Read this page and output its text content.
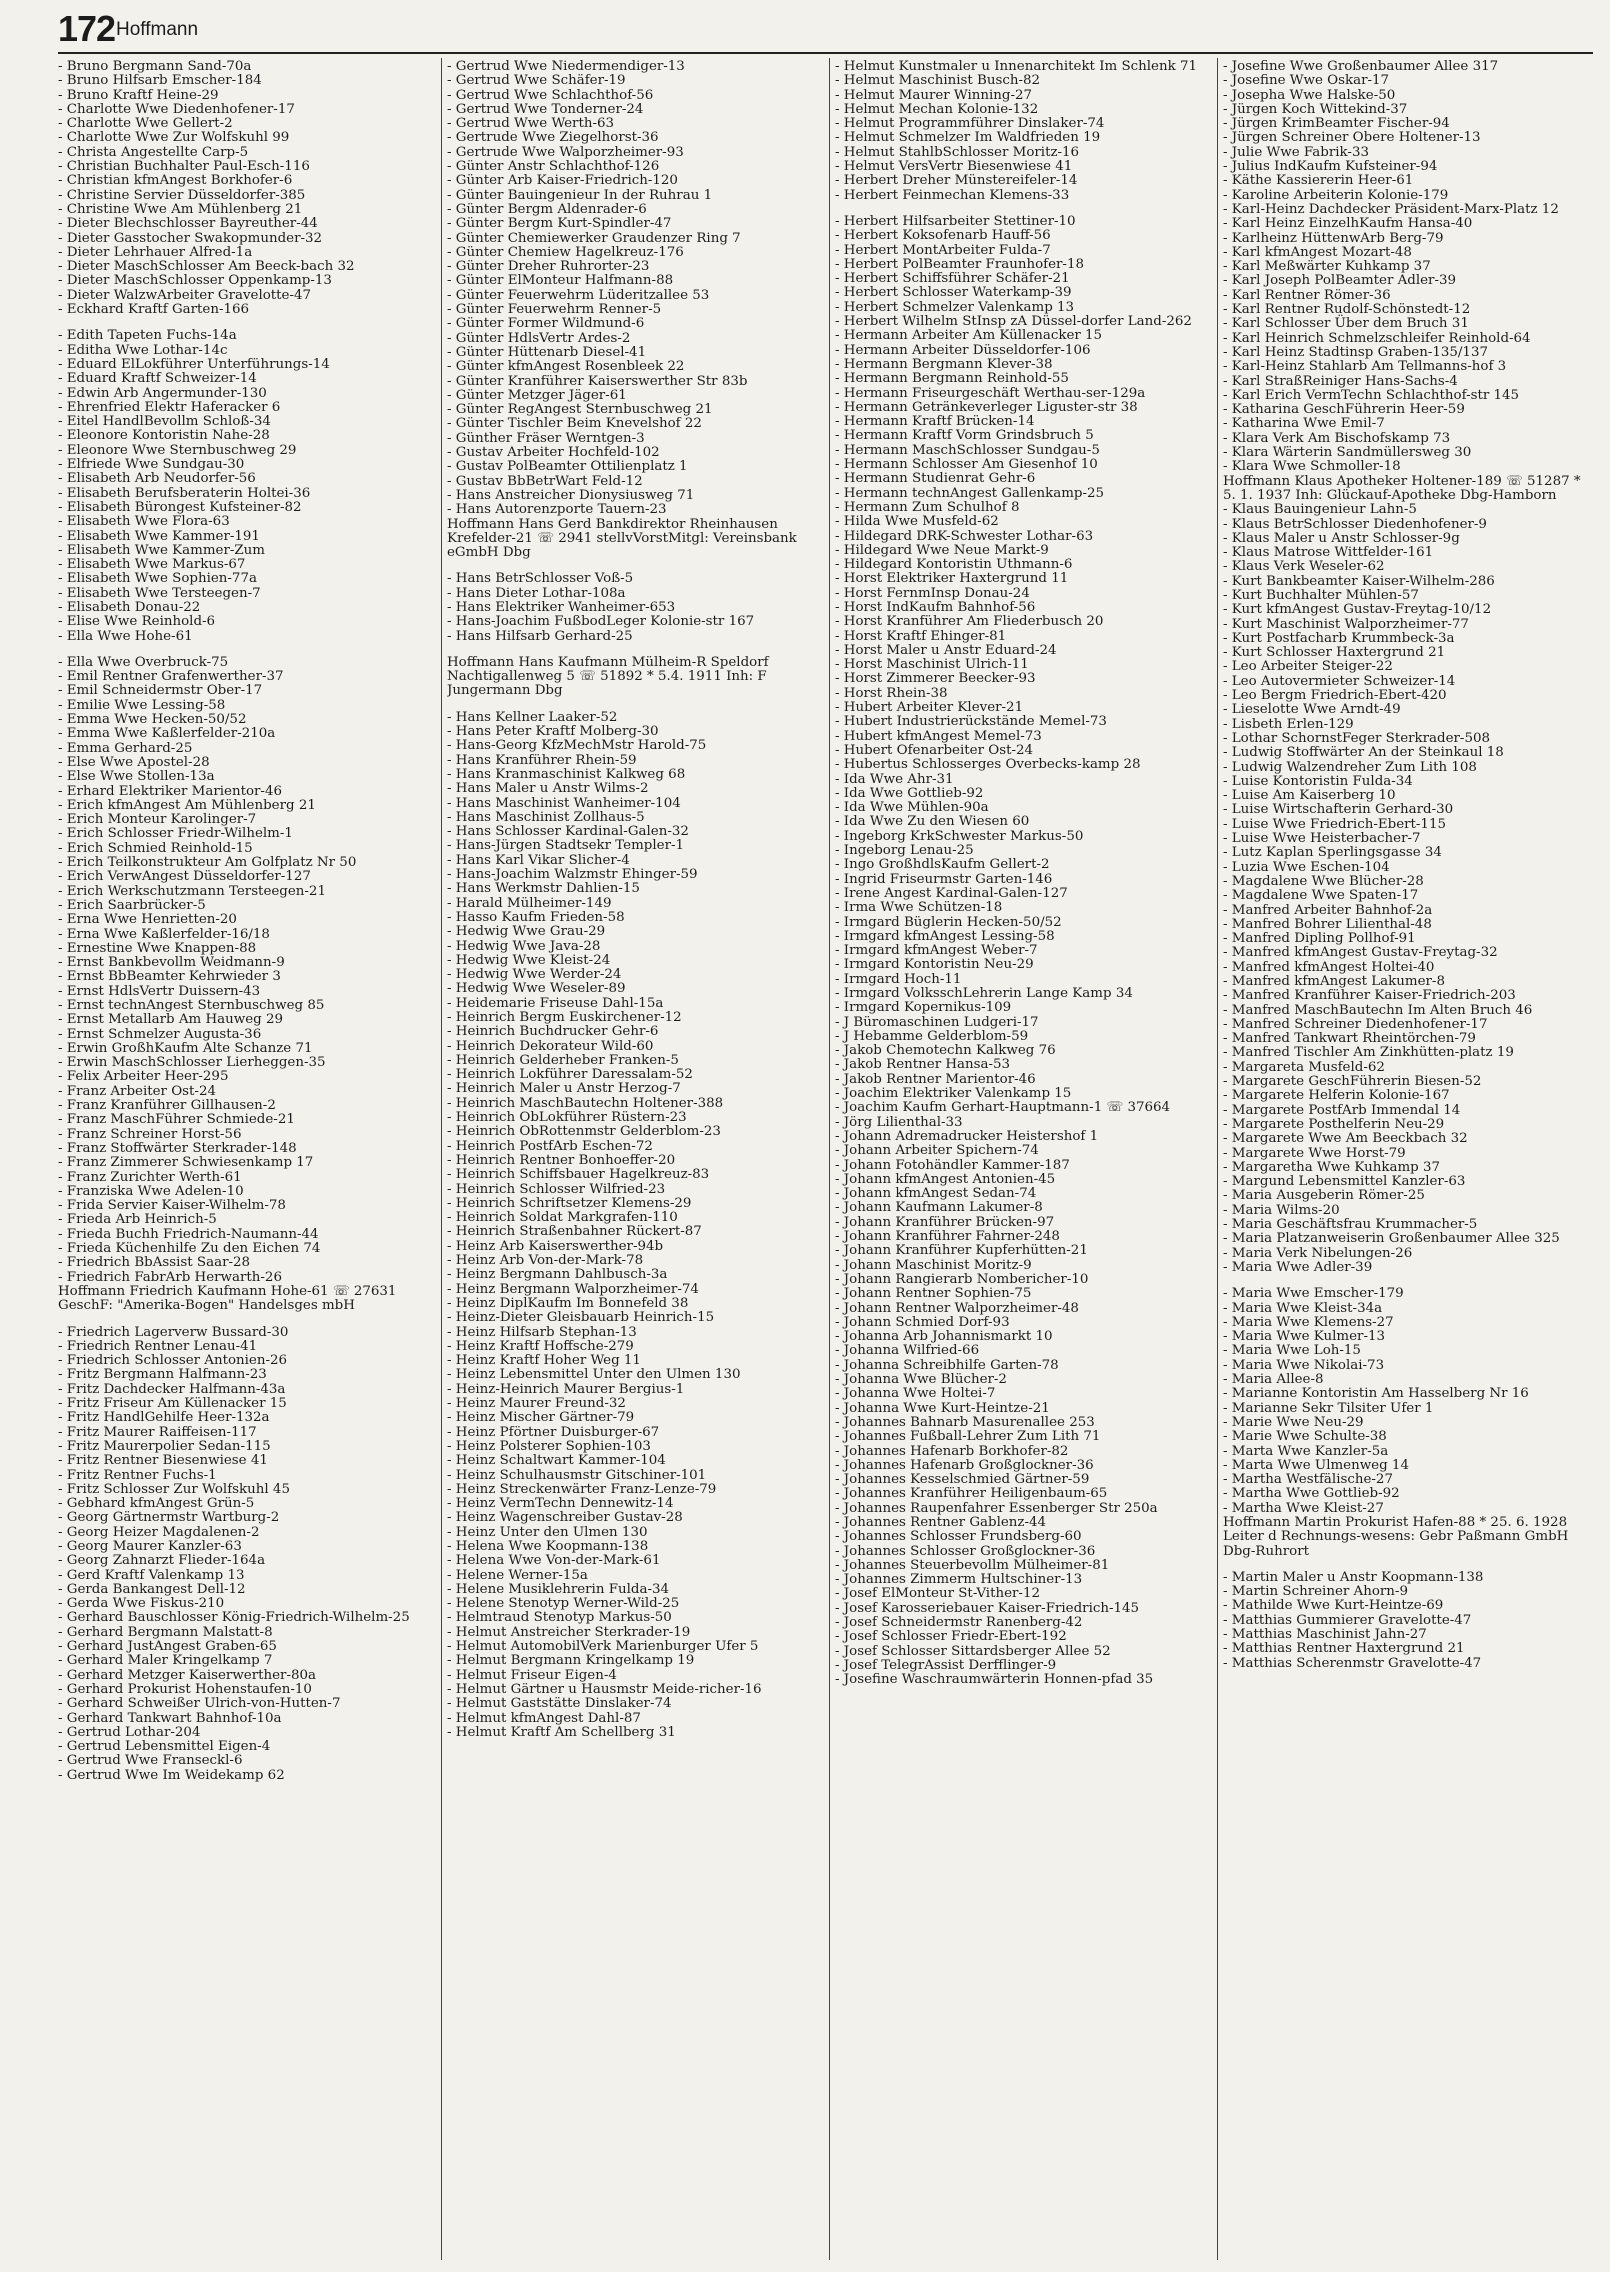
172 Hoffmann
- Bruno Bergmann Sand-70a
- Bruno Hilfsarb Emscher-184
- Bruno Kraftf Heine-29
- Charlotte Wwe Diedenhofener-17
- Charlotte Wwe Gellert-2
- Charlotte Wwe Zur Wolfskuhl 99
- Christa Angestellte Carp-5
- Christian Buchhalter Paul-Esch-116
- Christian kfmAngest Borkhofer-6
- Christine Servier Düsseldorfer-385
- Christine Wwe Am Mühlenberg 21
- Dieter Blechschlosser Bayreuther-44
- Dieter Gasstocher Swakopmunder-32
- Dieter Lehrhauer Alfred-1a
- Dieter MaschSchlosser Am Beeck-bach 32
- Dieter MaschSchlosser Oppenkamp-13
- Dieter WalzwArbeiter Gravelotte-47
- Eckhard Kraftf Garten-166
- Edith Tapeten Fuchs-14a
- Editha Wwe Lothar-14c
- Eduard ElLokführer Unterführungs-14
- Eduard Kraftf Schweizer-14
- Edwin Arb Angermunder-130
- Ehrenfried Elektr Haferacker 6
- Eitel HandlBevollm Schloß-34
- Eleonore Kontoristin Nahe-28
- Eleonore Wwe Sternbuschweg 29
- Elfriede Wwe Sundgau-30
- Elisabeth Arb Neudorfer-56
- Elisabeth Berufsberaterin Holtei-36
- Elisabeth Bürongest Kufsteiner-82
- Elisabeth Wwe Flora-63
- Elisabeth Wwe Kammer-191
- Elisabeth Wwe Kammer-Zum
- Elisabeth Wwe Markus-67
- Elisabeth Wwe Sophien-77a
- Elisabeth Wwe Tersteegen-7
- Elisabeth Donau-22
- Elise Wwe Reinhold-6
- Ella Wwe Hohe-61
- Ella Wwe Overbruck-75
- Emil Rentner Grafenwerther-37
- Emil Schneidermstr Ober-17
- Emilie Wwe Lessing-58
- Emma Wwe Hecken-50/52
- Emma Wwe Kaßlerfelder-210a
- Emma Gerhard-25
- Else Wwe Apostel-28
- Else Wwe Stollen-13a
- Erhard Elektriker Marientor-46
- Erich kfmAngest Am Mühlenberg 21
- Erich Monteur Karolinger-7
- Erich Schlosser Friedr-Wilhelm-1
- Erich Schmied Reinhold-15
- Erich Teilkonstrukteur Am Golfplatz Nr 50
- Erich VerwAngest Düsseldorfer-127
- Erich Werkschutzmann Tersteegen-21
- Erich Saarbrücker-5
- Erna Wwe Henrietten-20
- Erna Wwe Kaßlerfelder-16/18
- Ernestine Wwe Knappen-88
- Ernst Bankbevollm Weidmann-9
- Ernst BbBeamter Kehrwieder 3
- Ernst HdlsVertr Duissern-43
- Ernst technAngest Sternbuschweg 85
- Ernst Metallarb Am Hauweg 29
- Ernst Schmelzer Augusta-36
- Erwin GroßhKaufm Alte Schanze 71
- Erwin MaschSchlosser Lierheggen-35
- Felix Arbeiter Heer-295
- Franz Arbeiter Ost-24
- Franz Kranführer Gillhausen-2
- Franz MaschFührer Schmiede-21
- Franz Schreiner Horst-56
- Franz Stoffwärter Sterkrader-148
- Franz Zimmerer Schwiesenkamp 17
- Franz Zurichter Werth-61
- Franziska Wwe Adelen-10
- Frida Servier Kaiser-Wilhelm-78
- Frieda Arb Heinrich-5
- Frieda Buchh Friedrich-Naumann-44
- Frieda Küchenhilfe Zu den Eichen 74
- Friedrich BbAssist Saar-28
- Friedrich FabrArb Herwarth-26
Hoffmann Friedrich Kaufmann Hohe-61 ☏ 27631 GeschF: "Amerika-Bogen" Handelsges mbH
- Friedrich Lagerverw Bussard-30
- Friedrich Rentner Lenau-41
- Friedrich Schlosser Antonien-26
- Fritz Bergmann Halfmann-23
- Fritz Dachdecker Halfmann-43a
- Fritz Friseur Am Küllenacker 15
- Fritz HandlGehilfe Heer-132a
- Fritz Maurer Raiffeisen-117
- Fritz Maurerpolier Sedan-115
- Fritz Rentner Biesenwiese 41
- Fritz Rentner Fuchs-1
- Fritz Schlosser Zur Wolfskuhl 45
- Gebhard kfmAngest Grün-5
- Georg Gärtnermstr Wartburg-2
- Georg Heizer Magdalenen-2
- Georg Maurer Kanzler-63
- Georg Zahnarzt Flieder-164a
- Gerd Kraftf Valenkamp 13
- Gerda Bankangest Dell-12
- Gerda Wwe Fiskus-210
- Gerhard Bauschlosser König-Friedrich-Wilhelm-25
- Gerhard Bergmann Malstatt-8
- Gerhard JustAngest Graben-65
- Gerhard Maler Kringelkamp 7
- Gerhard Metzger Kaiserwerther-80a
- Gerhard Prokurist Hohenstaufen-10
- Gerhard Schweißer Ulrich-von-Hutten-7
- Gerhard Tankwart Bahnhof-10a
- Gertrud Lothar-204
- Gertrud Lebensmittel Eigen-4
- Gertrud Wwe Franseckl-6
- Gertrud Wwe Im Weidekamp 62
- Gertrud Wwe Niedermendiger-13
- Gertrud Wwe Schäfer-19
- Gertrud Wwe Schlachthof-56
- Gertrud Wwe Tonderner-24
- Gertrud Wwe Werth-63
- Gertrude Wwe Ziegelhorst-36
- Gertrude Wwe Walporzheimer-93
- Günter Anstr Schlachthof-126
- Günter Arb Kaiser-Friedrich-120
- Günter Bauingenieur In der Ruhrau 1
- Günter Bergm Aldenrader-6
- Günter Bergm Kurt-Spindler-47
- Günter Chemiewerker Graudenzer Ring 7
- Günter Chemiew Hagelkreuz-176
- Günter Dreher Ruhrorter-23
- Günter ElMonteur Halfmann-88
- Günter Feuerwehrm Lüderitzallee 53
- Günter Feuerwehrm Renner-5
- Günter Former Wildmund-6
- Günter HdlsVertr Ardes-2
- Günter Hüttenarb Diesel-41
- Günter kfmAngest Rosenbleek 22
- Günter Kranführer Kaiserswerther Str 83b
- Günter Metzger Jäger-61
- Günter RegAngest Sternbuschweg 21
- Günter Tischler Beim Knevelshof 22
- Günther Fräser Werntgen-3
- Gustav Arbeiter Hochfeld-102
- Gustav PolBeamter Ottilienplatz 1
- Gustav BbBetrWart Feld-12
- Hans Anstreicher Dionysiusweg 71
- Hans Autorenzporte Tauern-23
Hoffmann Hans Gerd Bankdirektor Rheinhausen Krefelder-21 ☏ 2941 stellvVorstMitgl: Vereinsbank eGmbH Dbg
- Hans BetrSchlosser Voß-5
- Hans Dieter Lothar-108a
- Hans Elektriker Wanheimer-653
- Hans-Joachim FußbodLeger Kolonie-str 167
- Hans Hilfsarb Gerhard-25
Hoffmann Hans Kaufmann Mülheim-R Speldorf Nachtigallenweg 5 ☏ 51892 * 5.4. 1911 Inh: F Jungermann Dbg
- Hans Kellner Laaker-52
- Hans Peter Kraftf Molberg-30
- Hans-Georg KfzMechMstr Harold-75
- Hans Kranführer Rhein-59
- Hans Kranmaschinist Kalkweg 68
- Hans Maler u Anstr Wilms-2
- Hans Maschinist Wanheimer-104
- Hans Maschinist Zollhaus-5
- Hans Schlosser Kardinal-Galen-32
- Hans-Jürgen Stadtsekr Templer-1
- Hans Karl Vikar Slicher-4
- Hans-Joachim Walzmstr Ehinger-59
- Hans Werkmstr Dahlien-15
- Harald Mülheimer-149
- Hasso Kaufm Frieden-58
- Hedwig Wwe Grau-29
- Hedwig Wwe Java-28
- Hedwig Wwe Kleist-24
- Hedwig Wwe Werder-24
- Hedwig Wwe Weseler-89
- Heidemarie Friseuse Dahl-15a
- Heinrich Bergm Euskirchener-12
- Heinrich Buchdrucker Gehr-6
- Heinrich Dekorateur Wild-60
- Heinrich Gelderheber Franken-5
- Heinrich Lokführer Daressalam-52
- Heinrich Maler u Anstr Herzog-7
- Heinrich MaschBautechn Holtener-388
- Heinrich ObLokführer Rüstern-23
- Heinrich ObRottenmstr Gelderblom-23
- Heinrich PostfArb Eschen-72
- Heinrich Rentner Bonhoeffer-20
- Heinrich Schiffsbauer Hagelkreuz-83
- Heinrich Schlosser Wilfried-23
- Heinrich Schriftsetzer Klemens-29
- Heinrich Soldat Markgrafen-110
- Heinrich Straßenbahner Rückert-87
- Heinz Arb Kaiserswerther-94b
- Heinz Arb Von-der-Mark-78
- Heinz Bergmann Dahlbusch-3a
- Heinz Bergmann Walporzheimer-74
- Heinz DiplKaufm Im Bonnefeld 38
- Heinz-Dieter Gleisbauarb Heinrich-15
- Heinz Hilfsarb Stephan-13
- Heinz Kraftf Hoffsche-279
- Heinz Kraftf Hoher Weg 11
- Heinz Lebensmittel Unter den Ulmen 130
- Heinz-Heinrich Maurer Bergius-1
- Heinz Maurer Freund-32
- Heinz Mischer Gärtner-79
- Heinz Pförtner Duisburger-67
- Heinz Polsterer Sophien-103
- Heinz Schaltwart Kammer-104
- Heinz Schulhausmstr Gitschiner-101
- Heinz Streckenwärter Franz-Lenze-79
- Heinz VermTechn Dennewitz-14
- Heinz Wagenschreiber Gustav-28
- Heinz Unter den Ulmen 130
- Helena Wwe Koopmann-138
- Helena Wwe Von-der-Mark-61
- Helene Werner-15a
- Helene Musiklehrerin Fulda-34
- Helene Stenotyp Werner-Wild-25
- Helmtraud Stenotyp Markus-50
- Helmut Anstreicher Sterkrader-19
- Helmut AutomobilVerk Marienburger Ufer 5
- Helmut Bergmann Kringelkamp 19
- Helmut Friseur Eigen-4
- Helmut Gärtner u Hausmstr Meide-richer-16
- Helmut Gaststätte Dinslaker-74
- Helmut kfmAngest Dahl-87
- Helmut Kraftf Am Schellberg 31
- Helmut Kunstmaler u Innenarchitekt Im Schlenk 71
- Helmut Maschinist Busch-82
- Helmut Maurer Winning-27
- Helmut Mechan Kolonie-132
- Helmut Programmführer Dinslaker-74
- Helmut Schmelzer Im Waldfrieden 19
- Helmut StahlbSchlosser Moritz-16
- Helmut VersVertr Biesenwiese 41
- Herbert Dreher Münstereifeler-14
- Herbert Feinmechan Klemens-33
- Herbert Hilfsarbeiter Stettiner-10
- Herbert Koksofenarb Hauff-56
- Herbert MontArbeiter Fulda-7
- Herbert PolBeamter Fraunhofer-18
- Herbert Schiffsführer Schäfer-21
- Herbert Schlosser Waterkamp-39
- Herbert Schmelzer Valenkamp 13
- Herbert Wilhelm StInsp zA Düssel-dorfer Land-262
- Hermann Arbeiter Am Küllenacker 15
- Hermann Arbeiter Düsseldorfer-106
- Hermann Bergmann Klever-38
- Hermann Bergmann Reinhold-55
- Hermann Friseurgeschäft Werthau-ser-129a
- Hermann Getränkeverleger Liguster-str 38
- Hermann Kraftf Brücken-14
- Hermann Kraftf Vorm Grindsbruch 5
- Hermann MaschSchlosser Sundgau-5
- Hermann Schlosser Am Giesenhof 10
- Hermann Studienrat Gehr-6
- Hermann technAngest Gallenkamp-25
- Hermann Zum Schulhof 8
- Hilda Wwe Musfeld-62
- Hildegard DRK-Schwester Lothar-63
- Hildegard Wwe Neue Markt-9
- Hildegard Kontoristin Uthmann-6
- Horst Elektriker Haxtergrund 11
- Horst FernmInsp Donau-24
- Horst IndKaufm Bahnhof-56
- Horst Kranführer Am Fliederbusch 20
- Horst Kraftf Ehinger-81
- Horst Maler u Anstr Eduard-24
- Horst Maschinist Ulrich-11
- Horst Zimmerer Beecker-93
- Horst Rhein-38
- Hubert Arbeiter Klever-21
- Hubert Industrierückstände Memel-73
- Hubert kfmAngest Memel-73
- Hubert Ofenarbeiter Ost-24
- Hubertus Schlosserges Overbecks-kamp 28
- Ida Wwe Ahr-31
- Ida Wwe Gottlieb-92
- Ida Wwe Mühlen-90a
- Ida Wwe Zu den Wiesen 60
- Ingeborg KrkSchwester Markus-50
- Ingeborg Lenau-25
- Ingo GroßhdlsKaufm Gellert-2
- Ingrid Friseurmstr Garten-146
- Irene Angest Kardinal-Galen-127
- Irma Wwe Schützen-18
- Irmgard Büglerin Hecken-50/52
- Irmgard kfmAngest Lessing-58
- Irmgard kfmAngest Weber-7
- Irmgard Kontoristin Neu-29
- Irmgard Hoch-11
- Irmgard VolksschLehrerin Lange Kamp 34
- Irmgard Kopernikus-109
- J Büromaschinen Ludgeri-17
- J Hebamme Gelderblom-59
- Jakob Chemotechn Kalkweg 76
- Jakob Rentner Hansa-53
- Jakob Rentner Marientor-46
- Joachim Elektriker Valenkamp 15
- Joachim Kaufm Gerhart-Hauptmann-1 ☏ 37664
- Jörg Lilienthal-33
- Johann Adremadrucker Heistershof 1
- Johann Arbeiter Spichern-74
- Johann Fotohändler Kammer-187
- Johann kfmAngest Antonien-45
- Johann kfmAngest Sedan-74
- Johann Kaufmann Lakumer-8
- Johann Kranführer Brücken-97
- Johann Kranführer Fahrner-248
- Johann Kranführer Kupferhütten-21
- Johann Maschinist Moritz-9
- Johann Rangierarb Nombericher-10
- Johann Rentner Sophien-75
- Johann Rentner Walporzheimer-48
- Johann Schmied Dorf-93
- Johanna Arb Johannismarkt 10
- Johanna Wilfried-66
- Johanna Schreibhilfe Garten-78
- Johanna Wwe Blücher-2
- Johanna Wwe Holtei-7
- Johanna Wwe Kurt-Heintze-21
- Johannes Bahnarb Masurenallee 253
- Johannes Fußball-Lehrer Zum Lith 71
- Johannes Hafenarb Borkhofer-82
- Johannes Hafenarb Großglockner-36
- Johannes Kesselschmied Gärtner-59
- Johannes Kranführer Heiligenbaum-65
- Johannes Raupenfahrer Essenberger Str 250a
- Johannes Rentner Gablenz-44
- Johannes Schlosser Frundsberg-60
- Johannes Schlosser Großglockner-36
- Johannes Steuerbevollm Mülheimer-81
- Johannes Zimmerm Hultschiner-13
- Josef ElMonteur St-Vither-12
- Josef Karosseriebauer Kaiser-Friedrich-145
- Josef Schneidermstr Ranenberg-42
- Josef Schlosser Friedr-Ebert-192
- Josef Schlosser Sittardsberger Allee 52
- Josef TelegrAssist Derfflinger-9
- Josefine Waschraumwärterin Honnen-pfad 35
- Josefine Wwe Großenbaumer Allee 317
- Josefine Wwe Oskar-17
- Josepha Wwe Halske-50
- Jürgen Koch Wittekind-37
- Jürgen KrimBeamter Fischer-94
- Jürgen Schreiner Obere Holtener-13
- Julie Wwe Fabrik-33
- Julius IndKaufm Kufsteiner-94
- Käthe Kassiererin Heer-61
- Karoline Arbeiterin Kolonie-179
- Karl-Heinz Dachdecker Präsident-Marx-Platz 12
- Karl Heinz EinzelhKaufm Hansa-40
- Karlheinz HüttenwArb Berg-79
- Karl kfmAngest Mozart-48
- Karl Meßwärter Kuhkamp 37
- Karl Joseph PolBeamter Adler-39
- Karl Rentner Römer-36
- Karl Rentner Rudolf-Schönstedt-12
- Karl Schlosser Über dem Bruch 31
- Karl Heinrich Schmelzschleifer Reinhold-64
- Karl Heinz Stadtinsp Graben-135/137
- Karl-Heinz Stahlarb Am Tellmanns-hof 3
- Karl StraßReiniger Hans-Sachs-4
- Karl Erich VermTechn Schlachthof-str 145
- Katharina GeschFührerin Heer-59
- Katharina Wwe Emil-7
- Klara Verk Am Bischofskamp 73
- Klara Wärterin Sandmüllersweg 30
- Klara Wwe Schmoller-18
Hoffmann Klaus Apotheker Holtener-189 ☏ 51287 * 5. 1. 1937 Inh: Glückauf-Apotheke Dbg-Hamborn
- Klaus Bauingenieur Lahn-5
- Klaus BetrSchlosser Diedenhofener-9
- Klaus Maler u Anstr Schlosser-9g
- Klaus Matrose Wittfelder-161
- Klaus Verk Weseler-62
- Kurt Bankbeamter Kaiser-Wilhelm-286
- Kurt Buchhalter Mühlen-57
- Kurt kfmAngest Gustav-Freytag-10/12
- Kurt Maschinist Walporzheimer-77
- Kurt Postfacharb Krummbeck-3a
- Kurt Schlosser Haxtergrund 21
- Leo Arbeiter Steiger-22
- Leo Autovermieter Schweizer-14
- Leo Bergm Friedrich-Ebert-420
- Lieselotte Wwe Arndt-49
- Lisbeth Erlen-129
- Lothar SchornstFeger Sterkrader-508
- Ludwig Stoffwärter An der Steinkaul 18
- Ludwig Walzendreher Zum Lith 108
- Luise Kontoristin Fulda-34
- Luise Am Kaiserberg 10
- Luise Wirtschafterin Gerhard-30
- Luise Wwe Friedrich-Ebert-115
- Luise Wwe Heisterbacher-7
- Lutz Kaplan Sperlingsgasse 34
- Luzia Wwe Eschen-104
- Magdalene Wwe Blücher-28
- Magdalene Wwe Spaten-17
- Manfred Arbeiter Bahnhof-2a
- Manfred Bohrer Lilienthal-48
- Manfred Dipling Pollhof-91
- Manfred kfmAngest Gustav-Freytag-32
- Manfred kfmAngest Holtei-40
- Manfred kfmAngest Lakumer-8
- Manfred Kranführer Kaiser-Friedrich-203
- Manfred MaschBautechn Im Alten Bruch 46
- Manfred Schreiner Diedenhofener-17
- Manfred Tankwart Rheintörchen-79
- Manfred Tischler Am Zinkhütten-platz 19
- Margareta Musfeld-62
- Margarete GeschFührerin Biesen-52
- Margarete Helferin Kolonie-167
- Margarete PostfArb Immendal 14
- Margarete Posthelferin Neu-29
- Margarete Wwe Am Beeckbach 32
- Margarete Wwe Horst-79
- Margaretha Wwe Kuhkamp 37
- Margund Lebensmittel Kanzler-63
- Maria Ausgeberin Römer-25
- Maria Wilms-20
- Maria Geschäftsfrau Krummacher-5
- Maria Platzanweiserin Großenbaumer Allee 325
- Maria Verk Nibelungen-26
- Maria Wwe Adler-39
- Maria Wwe Emscher-179
- Maria Wwe Kleist-34a
- Maria Wwe Klemens-27
- Maria Wwe Kulmer-13
- Maria Wwe Loh-15
- Maria Wwe Nikolai-73
- Maria Allee-8
- Marianne Kontoristin Am Hasselberg Nr 16
- Marianne Sekr Tilsiter Ufer 1
- Marie Wwe Neu-29
- Marie Wwe Schulte-38
- Marta Wwe Kanzler-5a
- Marta Wwe Ulmenweg 14
- Martha Westfälische-27
- Martha Wwe Gottlieb-92
- Martha Wwe Kleist-27
Hoffmann Martin Prokurist Hafen-88 * 25. 6. 1928 Leiter d Rechnungs-wesens: Gebr Paßmann GmbH Dbg-Ruhrort
- Martin Maler u Anstr Koopmann-138
- Martin Schreiner Ahorn-9
- Mathilde Wwe Kurt-Heintze-69
- Matthias Gummierer Gravelotte-47
- Matthias Maschinist Jahn-27
- Matthias Rentner Haxtergrund 21
- Matthias Scherenmstr Gravelotte-47
